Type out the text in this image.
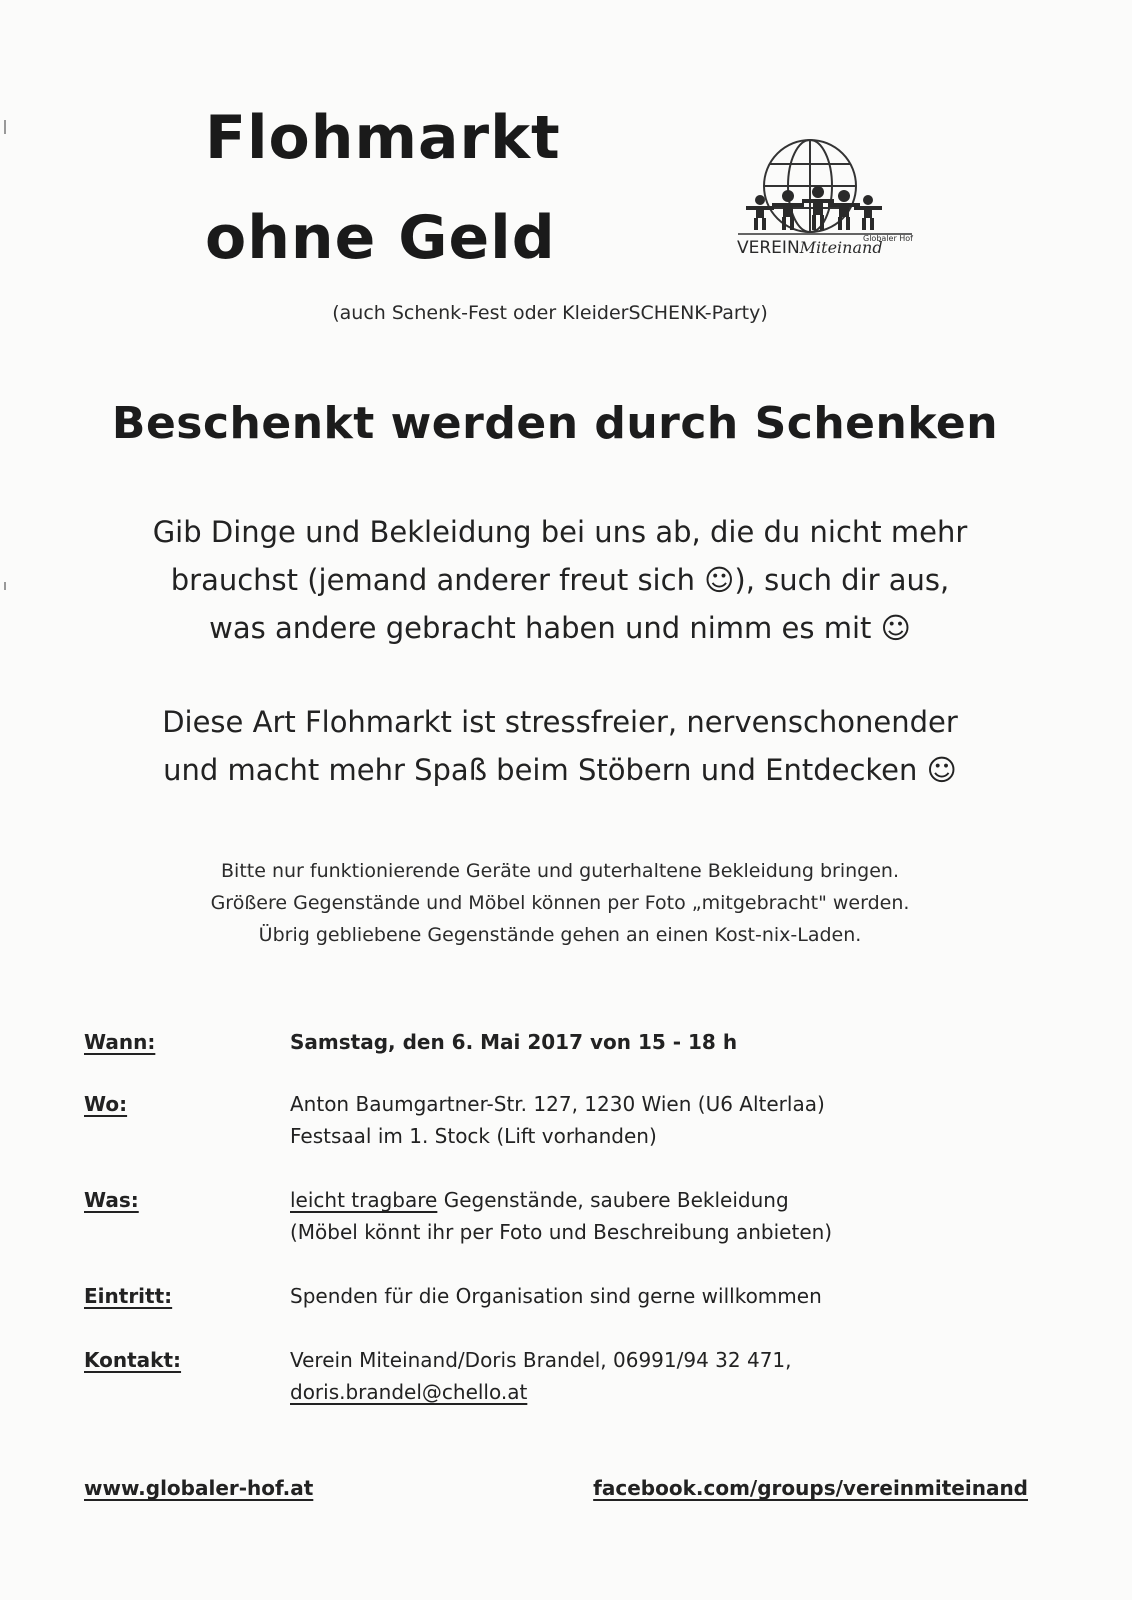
Flohmarkt
ohne Geld	VEREINMiteinand
Globaler Hof
(auch Schenk-Fest oder KleiderSCHENK-Party)
Beschenkt werden durch Schenken

Gib Dinge und Bekleidung bei uns ab, die du nicht mehr

brauchst (jemand anderer freut sich ☺), such dir aus,

was andere gebracht haben und nimm es mit ☺

Diese Art Flohmarkt ist stressfreier, nervenschonender

und macht mehr Spaß beim Stöbern und Entdecken ☺

Bitte nur funktionierende Geräte und guterhaltene Bekleidung bringen.

Größere Gegenstände und Möbel können per Foto „mitgebracht" werden.

Übrig gebliebene Gegenstände gehen an einen Kost-nix-Laden.

Wann:	Samstag, den 6. Mai 2017 von 15 - 18 h
Wo:	Anton Baumgartner-Str. 127, 1230 Wien (U6 Alterlaa)

Festsaal im 1. Stock (Lift vorhanden)

Was:	leicht tragbare Gegenstände, saubere Bekleidung

(Möbel könnt ihr per Foto und Beschreibung anbieten)

Eintritt:	Spenden für die Organisation sind gerne willkommen
Kontakt:	Verein Miteinand/Doris Brandel, 06991/94 32 471,

doris.brandel@chello.at

www.globaler-hof.at	facebook.com/groups/vereinmiteinand
